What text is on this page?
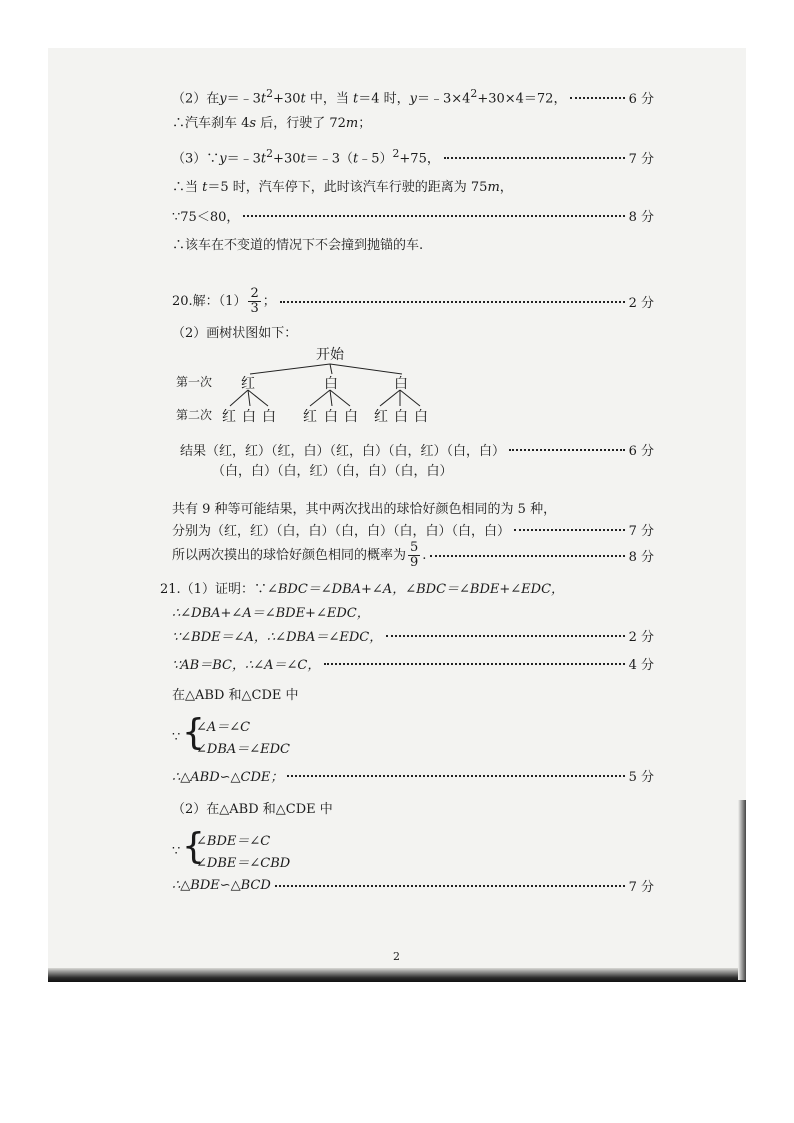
（2）在$y=﹣3t^2+30t$ 中，当 t＝4 时，$y=﹣3\times 4^2+30\times 4=72$，	6 分
∴汽车刹车 4s 后，行驶了 72m；
$(3)\because y=﹣3t^2+30t=﹣3(t﹣5)^2+75$，	7 分
∴当 t＝5 时，汽车停下，此时该汽车行驶的距离为 75m，
∵75＜80，	8 分
∴该车在不变道的情况下不会撞到抛锚的车.
20.解：$(1) \frac{2}{3}$ ；	2 分
（2）画树状图如下：
开始
第一次
第二次
红	白	白
红 白 白 红 白 白 红 白 白
结果（红，红）（红，白）（红，白）（白，红）（白，白）	6 分
（白，白）（白，红）（白，白）（白，白）
共有 9 种等可能结果，其中两次找出的球恰好颜色相同的为 5 种，
分别为（红，红）（白，白）（白，白）（白，白）（白，白）	7 分
所以两次摸出的球恰好颜色相同的概率为 $\frac{5}{9}$ .	8 分
21.（1）证明：∵∠BDC＝∠DBA+∠A，∠BDC＝∠BDE+∠EDC，
∴∠DBA+∠A＝∠BDE+∠EDC，
∵∠BDE＝∠A，∴∠DBA＝∠EDC，	2 分
∵AB＝BC，∴∠A＝∠C，	4 分
在△ABD 和△CDE 中
∵ {
∠A＝∠C
∠DBA＝∠EDC
∴△ABD∽△CDE；	5 分
（2）在△ABD 和△CDE 中
∵ {
∠BDE＝∠C
∠DBE＝∠CBD
∴△BDE∽△BCD	7 分
2
